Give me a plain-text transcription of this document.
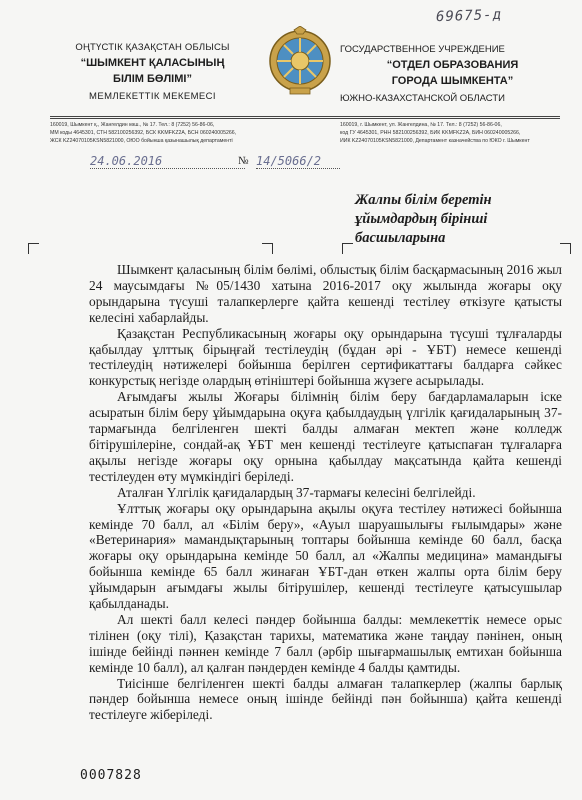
69675-д
ОҢТҮСТІК ҚАЗАҚСТАН ОБЛЫСЫ
“ШЫМКЕНТ ҚАЛАСЫНЫҢ
БІЛІМ БӨЛІМІ”
МЕМЛЕКЕТТІК МЕКЕМЕСІ
ГОСУДАРСТВЕННОЕ УЧРЕЖДЕНИЕ
“ОТДЕЛ ОБРАЗОВАНИЯ
ГОРОДА ШЫМКЕНТА”
ЮЖНО-КАЗАХСТАНСКОЙ ОБЛАСТИ
160019, Шымкент қ., Жангелдин көш., № 17. Тел.: 8 (7252) 56-86-06,
ММ коды 4645301, СТН 582100256392, БСК KKMFKZ2A, БСН 060240005266,
ЖСК KZ24070105KSN5821000, ОЮО бойынша қазынашылық департаменті
160019, г. Шымкент, ул. Жангелдина, № 17. Тел.: 8 (7252) 56-86-06,
код ГУ 4645301, РНН 582100256392, БИК KKMFKZ2A, БИН 060240005266,
ИИК KZ24070105KSN5821000, Департамент казначейства по ЮКО г. Шымкент
24.06.2016	№ 14/5066/2
Жалпы білім беретін
ұйымдардың біріншi
басшыларына

Шымкент қаласының білім бөлімі, облыстық білім басқармасының 2016 жыл 24 маусымдағы №05/1430 хатына 2016-2017 оқу жылында жоғары оқу орындарына түсуші талапкерлерге қайта кешенді тестілеу өткізуге қатысты келесіні хабарлайды.

Қазақстан Республикасының жоғары оқу орындарына түсуші тұлғаларды қабылдау ұлттық бірыңғай тестілеудің (бұдан әрі - ҰБТ) немесе кешенді тестілеудің нәтижелері бойынша берілген сертификаттағы балдарға сәйкес конкурстық негізде олардың өтініштері бойынша жүзеге асырылады.

Ағымдағы жылы Жоғары білімнің білім беру бағдарламаларын іске асыратын білім беру ұйымдарына оқуға қабылдаудың үлгілік қағидаларының 37-тармағында белгіленген шекті балды алмаған мектеп және колледж бітірушілеріне, сондай-ақ ҰБТ мен кешенді тестілеуге қатыспаған тұлғаларға ақылы негізде жоғары оқу орнына қабылдау мақсатында қайта кешенді тестілеуден өту мүмкіндігі беріледі.

Аталған Үлгілік қағидалардың 37-тармағы келесіні белгілейді.

Ұлттық жоғары оқу орындарына ақылы оқуға тестілеу нәтижесі бойынша кемінде 70 балл, ал «Білім беру», «Ауыл шаруашылығы ғылымдары» және «Ветеринария» мамандықтарының топтары бойынша кемінде 60 балл, басқа жоғары оқу орындарына кемінде 50 балл, ал «Жалпы медицина» мамандығы бойынша кемінде 65 балл жинаған ҰБТ-дан өткен жалпы орта білім беру ұйымдарын ағымдағы жылы бітірушілер, кешенді тестілеуге қатысушылар қабылданады.

Ал шекті балл келесі пәндер бойынша балды: мемлекеттік немесе орыс тілінен (оқу тілі), Қазақстан тарихы, математика және таңдау пәнінен, оның ішінде бейінді пәннен кемінде 7 балл (әрбір шығармашылық емтихан бойынша кемінде 10 балл), ал қалған пәндерден кемінде 4 балды қамтиды.

Тиісінше белгіленген шекті балды алмаған талапкерлер (жалпы барлық пәндер бойынша немесе оның ішінде бейінді пән бойынша) қайта кешенді тестілеуге жіберіледі.

0007828
